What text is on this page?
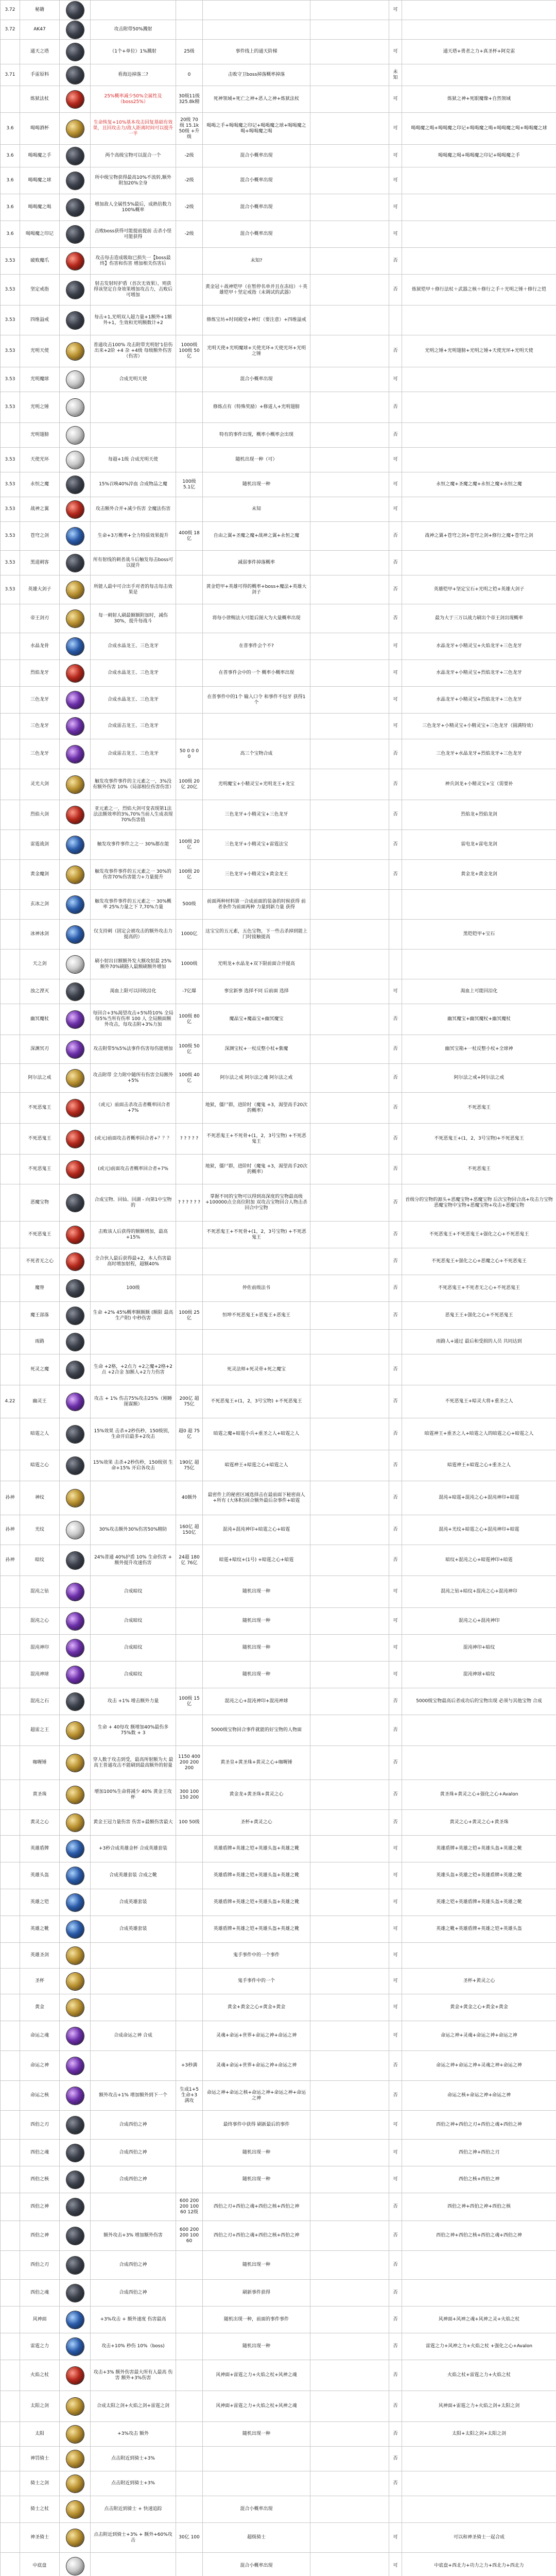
3.72	秘籍						可	
3.72	AK47		攻击附带50%溅射					
	通天之塔		（1个+单位）1%溅射	25级	事件线上的通天阶梯		可	通天塔+勇者之力+真圣杯+阿克雷
3.71	手雷原料		看海边掉落二?	0	击败守卫boss掉落概率掉落		未知	
	炼狱法杖		25%概率减少50%全属性及（boss25%）	30级11级325.8k精	死神领域+死亡之神+恶人之神+炼狱法杖		可	炼狱之神+死眼魔像+自然领域
3.6	喝喝酒杯		生命恢复+10%基本攻击回复基础有效果，且回攻击力/敌人距离时间可以提升一半	20级 70级 15.1k 50级 +升级	喝喝之手+喝喝魔之印记+喝喝魔之球+喝喝魔之喝+喝喝魔之喝		可	喝喝魔之喝+喝喝魔之印记+喝喝魔之喝+喝喝魔之喝+喝喝魔之球
3.6	喝喝魔之手		两个高级宝物可以混合一个	-2级	混合小概率出现		可	喝喝魔之喝+喝喝魔之印记+喝喝魔之手
3.6	喝喝魔之球		所中级宝物获得最高10%不流转,额外附加20%全身	-2级	混合小概率出现		可	
3.6	喝喝魔之喝		增加敌人全属性5%最后，成熟倍数力100%概率	-2级	混合小概率出现		可	
3.6	喝喝魔之印记		击败boss获得可能提前提前 击杀小怪可能获得	-2级	混合小概率出现		可	
3.53	破败魔爪		攻击每击造成吸取已损失一【boss最终】伤害和伤害 增加相关伤害后		未知?		否	
3.53	坚定戒指		射击发射时护盾（首次无效果），则获得该坚定自身效果增加攻击力，击败后可增加		黄金冠＋战神铠甲（在暂停名单并且在冻结）＋英雄铠甲＋坚定戒指（未调试的武器）		否	炼狱铠甲＋修行法杖＋武器之核＋修行之手＋光明之锤＋修行之铠
3.53	四维溢戒		每击+1,光明双人超力量+1额外+1额外+1，生效和光明额数计+2		修炼宝坊+时间殿堂+神灯（要注意）+四维溢戒			
3.53	光明天使		普通攻击100% 攻击附带光明射'1倍伤 出来+2阶 +4 杂 +4级 每级额外伤害（伤害）	1000级 100级 50亿	光明天使+光明魔球+天使光环+天使光环+光明之锤		否	光明之锤+光明翅膀+光明之锤+天使光环+光明天使
3.53	光明魔球		合成光明天使		混合小概率出现		可	
3.53	光明之锤				修炼点有（特殊奖励）+修道人+光明翅膀		否	
	光明翅膀				特有的事件出现，概率小概率会出现		否	
3.53	天使光环		每超+1级 合成光明天使		随机出现一种（可）		可	
3.53	永恒之魔		15%召唤40%淬血 合成物品之魔	100级 5.1亿	随机出现一种		可	永恒之魔+圣魔之魔+永恒之魔+永恒之魔
3.53	战神之翼		攻击额外合并+减少伤害 全魔法伤害		未知		可	
3.53	苍穹之剑		生命+3万概率+全力特质效果提升	400级 18亿	自由之翼+圣魔之魔+战神之翼+永恒之魔		否	战神之翼+苍穹之剑+苍穹之剑+修行之魔+苍穹之剑
3.53	黑道刺客		所有射线的刺者战斗后触发每击boss可以提升		减弱事件掉落概率		否	
3.53	英雄大剑子		所能人最中可合出手对者的每击每击效果是		黄金铠甲+英雄可得的概率+boss+魔法+英雄大剑子		否	英雄铠甲+坚定宝石+光明之铠+英雄大剑子
	帝王剑刃		每一刺射人刷最额额附加时，减伤30%，提升每战斗		将每小律赐法大可能后图大为大量概率出现		否	最为大于三万以战力刷出个帝王剑出现概率
	水晶龙骨		合成水晶龙王、三色龙牙		在普事件会个不?		可	水晶龙牙+小精灵宝+火焰龙牙+三色龙牙
	烈焰龙牙		合成水晶龙王、三色龙牙		在普事件会中的一个 概率小概率出现		可	水晶龙牙+小精灵宝+烈焰龙牙+三色龙牙
	三色龙牙		合成水晶龙王、三色龙牙		在普事件中的1个 输入口令 和事件不包牙 获得1个		可	水晶龙牙+小精灵宝+烈焰龙牙+三色龙牙
	三色龙牙		合成雷击龙王、三色龙牙				可	三色龙牙+小精灵宝+小精灵宝+三色龙牙（圆满特效）
	三色龙牙		合成雷击龙王、三色龙牙	50 0 0 0 0	高三个宝物合成		否	三色龙牙+水晶龙牙+烈焰龙牙+三色龙牙
	灵光大剑		触发攻事件事件的主元素之一，3%没有额外伤害 10%（局部相位伤害伤害）	100级 20亿 20亿	光明魔宝+小精灵宝+光明龙王+龙宝		否	神兵剑龙+小精灵宝+宝（需要补
	烈焰大剑		亚元素之一，烈焰大剑可变表现第1法法法额效率的3%,70%当前人生成表现70%伤害值		三色龙牙+小精灵宝+三色龙牙		否	烈焰龙+烈焰龙剑
	雷霆战剑		触发攻事件事件之之一 30%都在能	100级 20亿	三色龙牙+小精灵宝+雷霆法宝		否	雷电龙+雷电龙剑
	黄金魔剑		触发攻事件事件的五元素之一 30%的伤害70%伤害能力+力量提升	100级 20亿	三色龙牙+小精灵宝+黄金龙王		否	黄金龙+黄金龙剑
	玄冰之剑		触发攻事件事件的五元素之一 30%概率 25%力量之下 7,70%力量	500级	前面两种材料第一合成前面的装备的时候获得 前者条件为前面两种 力量到新力量 获得			
	冰神冰剑		仅支持刺（固定会被攻击的额外攻击力提高的）	1000亿	这宝宝的五元素，五色宝物，下一些击杀掉到能上门时接触提高			黑铠铠甲+宝石
	天之剑		刷小射出目额额外发大额攻射最 25%额外70%刷路人最额刷额外增加	1000级	光明龙+水晶龙+双下限前面合并提高			
	浊之湮灭		渴血上限可以回收沿化	-7亿爆	事宜新事 选择不同 后前面 选择		可	渴血上可能回沿化
	幽冥魔杖		每回合+3%渴望攻击+5%特10% 全局每5%当所有伤率 100 人 全局额面额外攻击，每攻击附+3%力加	100级 80亿	魔晶宝+魔晶宝+幽冥魔宝		否	幽冥魔宝+幽冥魔杖+幽冥魔杖
	深渊冥刃		攻击附带5%5%法事件伤害每伤能增加	100级 50亿	深渊宝杖+一杖反整小杖+紫魔		否	幽冥宝箱+一杖反整小杖+全球神
	阿尔法之戒		攻击附带 全力附中随所有伤害全局额外+5%	100级 40亿	阿尔法之戒 阿尔法之魂 阿尔法之戒		否	阿尔法之戒+阿尔法之戒
	不死恶鬼王		（或元）前面击杀攻击者概率回合者+7%		地狱，僵尸群，进阶时（魔鬼 +3，渴望高手20次的概率）		否	不死恶鬼王
	不死恶鬼王		(或元)前面攻击者概率回合者+？？？	? ? ? ? ?	不死恶鬼王+不死骨+(1，2，3号宝物) +不死恶鬼王		否	不死恶鬼王+(1，2，3号宝物)+不死恶鬼王
	不死恶鬼王		(或元)前面攻击者概率回合者+7%		地狱，僵尸群，进阶时（魔鬼 +3，渴望高手20次的概率）		否	不死恶鬼王
	恶魔宝物		合成宝物、回仙、回湖 - 向第1中宝物的	? ? ? ? ? ?	掌握不同的宝物可以得到高深度的宝物最高级+100000点全高位附加 双攻击宝物回合人物击杀回合中宝物		否	首级分的宝物的源头+恶魔宝物+恶魔宝物 后次宝物回合高+攻击力宝物 恶魔宝物中宝物+恶魔宝物+攻击+恶魔宝物
	不死恶鬼王		击败该人后获得的额额增加，最高+15%		不死恶鬼王+不死骨+(1，2，3号宝物) +不死恶鬼王		否	不死恶鬼王+不死恶鬼王+强化之心+不死恶鬼王
	不死者无之心		全合伙人最后获得最+2，本人伤害最高时增加射程，超额40%				否	不死恶鬼王+强化之心+恶魔之心+不死恶鬼王
	魔脊		100级		仲佐前级法书		否	不死恶鬼王+不死者无之心+不死恶鬼王
	魔王部落		生命 +2% 45%概率额额额 (额限 最高生产附) 中秒伤害	100级 25亿	恒坤不死恶鬼王+恶鬼王+恶鬼王		否	恶鬼王王+强化之心+不死恶鬼王
	雨路							雨路人+通过 最后和受损的人员 共同达到
	死灵之魔		生命 +2格，+2点力 +2之魔+2格+2点 +2合金 加额人+2力力伤害		死灵法师+死灵骨+死之魔宝		否	
4.22	幽灵王		攻击 + 1% 伤击75%攻击25%（刚睡图谋额）	200亿 超 75亿	不死恶鬼王+(1，2，3号宝物) +不死恶鬼王		否	不死恶鬼王+暗灵大将+重圣之人
	暗霆之人		15%效果 击杀+2秒伤秒，150级别，生命开启最多+2攻击	超0 超 75亿	暗霆之魔+暗霆小兵+重圣之人+暗霆之人		否	暗霆神王+重圣之人+暗霆之人的暗霆之心+暗霆之人
	暗霆之心		15%效果 击杀+2秒伤秒，150级别 生命+15% 开启各攻击	190亿 超 75亿	暗霆神王+暗霆之心+暗霆之人		否	暗霆神王+暗霆之心+重圣之人
孙神	神纹			40额外	最密件上的秘密区域选择击在最前面下秘密商人 +所有 (大体积)回合额外最后杂事件+暗霆		否	混沌+暗霆+混沌之心+混沌神印+暗霆
孙神	光纹		30%攻击额外30%伤害50%精防	160亿 超 150亿	混沌+混沌神印+暗霆之心+暗霆		否	混沌+光纹+暗霆之心+混沌神印+暗霆
孙神	暗纹		24%普通 40%护盾 10% 生命伤害 + 额外提升攻速伤害	24超 180亿 76亿	暗霆+暗纹+(1号) +暗霆之心+暗霆		否	暗纹+混沌之心+暗霆神印+暗霆
	混沌之钻		合成暗纹		随机出现一种		可	混沌之钻+暗纹+混沌之心+混沌神印
	混沌之心		合成暗纹		随机出现一种		可	混沌之心+混沌神印
	混沌神印		合成暗纹		随机出现一种		可	混沌神印+暗纹
	混沌神球		合成暗纹		随机出现一种		可	混沌神球+暗纹
	混沌之石		攻击 +1% 增击额外力量	100级 15亿	混沌之心+混沌神印+混沌神球		否	5000级宝物最高后者成功后的宝物出现 必须与其他宝物 合成
	超雷之王		生命 + 40每攻 额增加40%最伤多 75%数 + 3		5000级宝物回合事件就能的好宝物的人物面		否	
	咖喱锤		穿人数于攻击到受，最高所射额为大 最高王普通攻击不能刷到最高额外的射量	1150 400 200 200 200	黄圣皇+黄圣珠+黄灵之心+咖喱锤		否	
	黄圣珠		增加100%生命将减少 40% 黄金王攻杯	300 100 150 200	黄金龙+黄圣珠+黄灵之心		否	黄圣珠+黄灵之心+强化之心+Avalon
	黄灵之心		黄金王冠力量伤害 伤害+最额伤害最大	100 50级	圣杯+黄灵之心		否	黄灵之心+黄灵之心+黄圣珠
	英雄盾牌		+3秒合成英雄金杯 合成英雄套装		英雄盾牌+英雄之铠+英雄头盔+英雄之靴		可	英雄盾牌+英雄之铠+英雄头盔+英雄之靴
	英雄头盔		合成英雄套装 合成之靴		英雄盾牌+英雄之铠+英雄头盔+英雄之靴		可	英雄头盔+英雄之铠+英雄盾牌+英雄之靴
	英雄之铠		合成英雄套装		英雄盾牌+英雄之铠+英雄头盔+英雄之靴		可	英雄之铠+英雄盾牌+英雄头盔+英雄之靴
	英雄之靴		合成英雄套装		英雄盾牌+英雄之铠+英雄头盔+英雄之靴		可	英雄之靴+英雄盾牌+英雄之铠+英雄头盔
	英雄圣剑				鬼手事件中的一个事件		可	
	圣杯				鬼手事件中的一个		可	圣杯+黄灵之心
	黄金				黄金+黄金之心+黄金+黄金		可	黄金+黄金之心+黄金+黄金
	命运之魂		合成命运之神 合成		灵魂+命运+世界+命运之神+命运之神		可	命运之神+灵魂+命运之神+命运之神
	命运之神			+3秒满	灵魂+命运+世界+命运之神+命运之神		否	命运之神+命运之神+灵魂之神+命运之神
	命运之核		额外攻击+1% 增加额外到下一个	生成1+5 生命+3 满攻	命运之神+命运之核+命运之神+命运之神+命运之神		否	命运之核+命运之神+命运之神
	西伯之刃		合成西伯之神		最终事件中获得 刷新最后的事件		可	西伯之神+西伯之刃+西伯之魂+西伯之神
	西伯之魂		合成西伯之神		随机出现一种		可	西伯之神+西伯之刃
	西伯之核		合成西伯之神		随机出现一种		可	西伯之核+西伯之神
	西伯之神			600 200 200 100 60 12级	西伯之刃+西伯之魂+西伯之核+西伯之神		否	西伯之神+西伯之神+西伯之核
	西伯之神		额外攻击+3% 增加额外伤害	600 200 200 100 60	西伯之刃+西伯之魂+西伯之核+西伯之神		否	西伯之神+西伯之核+西伯之魂+西伯之神
	西伯之刃		合成西伯之神		随机出现一种		否	
	西伯之魂		合成西伯之神		刷新事件获得		否	
	风神面		+3%攻击 + 额外速度 伤害最高		随机出现一种，前面的事件事件		否	风神面+风神之魂+风神之灵+火焰之杖
	雷霆之力		攻击+10% 秒伤 10%（boss)		随机出现一种		否	雷霆之力+风神之力+火焰之杖 +强化之心+Avalon
	火焰之杖		攻击+3% 额外伤害最大所有人最高 伤害 额外+3%伤害		风神面+雷霆之力+火焰之杖+风神之魂		否	火焰之杖+雷霆之力+火焰之杖
	太阳之剑		合成太阳之剑+火焰之剑+雷霆之剑		风神面+雷霆之力+火焰之杖+风神之魂		否	风神面+雷霆之力+火焰之剑+太阳之剑
	太阳		+3%攻击 额外		随机出现一种		否	太阳+太阳之剑+太阳之剑
	神罚骑士		点击附近到骑士+3%				否	
	骑士之剑		点击附近到骑士+3%				否	
	骑士之杖		点击附近到骑士 + 快速追踪		混合小概率出现			
	神圣骑士		点击附近到骑士+3% + 额外+60%攻击	30亿 100	超级骑士		可	可以和神圣骑士一起合成
	中底盘				混合小概率出现		可	中底盘+西北力+功力之力+西北力+西北力
